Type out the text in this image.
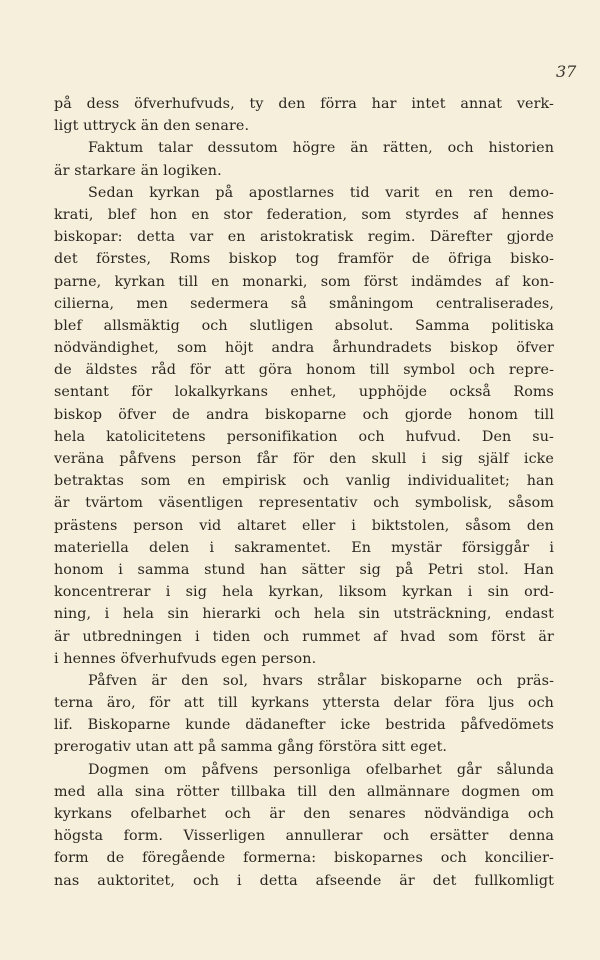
37
på dess öfverhufvuds, ty den förra har intet annat verk-
ligt uttryck än den senare.
Faktum talar dessutom högre än rätten, och historien
är starkare än logiken.
Sedan kyrkan på apostlarnes tid varit en ren demo-
krati, blef hon en stor federation, som styrdes af hennes
biskopar: detta var en aristokratisk regim. Därefter gjorde
det förstes, Roms biskop tog framför de öfriga bisko-
parne, kyrkan till en monarki, som först indämdes af kon-
cilierna, men sedermera så småningom centraliserades,
blef allsmäktig och slutligen absolut. Samma politiska
nödvändighet, som höjt andra århundradets biskop öfver
de äldstes råd för att göra honom till symbol och repre-
sentant för lokalkyrkans enhet, upphöjde också Roms
biskop öfver de andra biskoparne och gjorde honom till
hela katolicitetens personifikation och hufvud. Den su-
veräna påfvens person får för den skull i sig själf icke
betraktas som en empirisk och vanlig individualitet; han
är tvärtom väsentligen representativ och symbolisk, såsom
prästens person vid altaret eller i biktstolen, såsom den
materiella delen i sakramentet. En mystär försiggår i
honom i samma stund han sätter sig på Petri stol. Han
koncentrerar i sig hela kyrkan, liksom kyrkan i sin ord-
ning, i hela sin hierarki och hela sin utsträckning, endast
är utbredningen i tiden och rummet af hvad som först är
i hennes öfverhufvuds egen person.
Påfven är den sol, hvars strålar biskoparne och präs-
terna äro, för att till kyrkans yttersta delar föra ljus och
lif. Biskoparne kunde dädanefter icke bestrida påfvedömets
prerogativ utan att på samma gång förstöra sitt eget.
Dogmen om påfvens personliga ofelbarhet går sålunda
med alla sina rötter tillbaka till den allmännare dogmen om
kyrkans ofelbarhet och är den senares nödvändiga och
högsta form. Visserligen annullerar och ersätter denna
form de föregående formerna: biskoparnes och koncilier-
nas auktoritet, och i detta afseende är det fullkomligt
